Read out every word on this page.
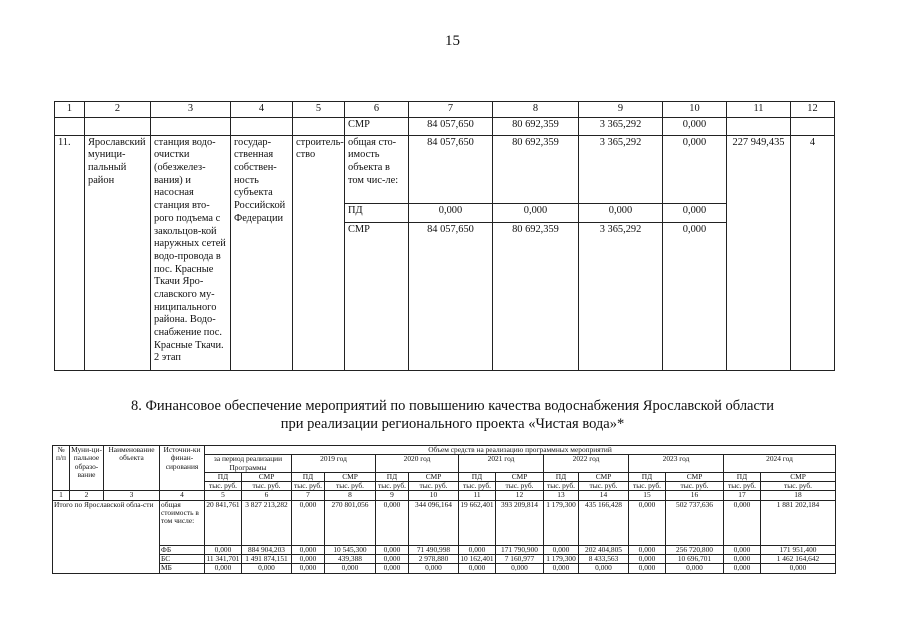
15
1	2	3	4	5	6	7	8	9	10	11	12
					СМР	84 057,650	80 692,359	3 365,292	0,000		
11.	Ярославский муници-пальный район	станция водо-очистки (обезжелез-вания) и насосная станция вто-рого подъема с закольцов-кой наружных сетей водо-провода в пос. Красные Ткачи Яро-славского му-ниципального района. Водо-снабжение пос. Красные Ткачи. 2 этап	государ-ственная собствен-ность субъекта Российской Федерации	строитель-ство	общая сто-имость объекта в том чис-ле:	84 057,650	80 692,359	3 365,292	0,000	227 949,435	4
					ПД	0,000	0,000	0,000	0,000		
					СМР	84 057,650	80 692,359	3 365,292	0,000		
8. Финансовое обеспечение мероприятий по повышению качества водоснабжения Ярославской области
при реализации регионального проекта «Чистая вода»*
№ п/п	Муни-ци-пальное образо-вание	Наименование объекта	Источни-ки финан-сирования	Объем средств на реализацию программных мероприятий													
				за период реализации Программы		2019 год		2020 год		2021 год		2022 год		2023 год		2024 год	
				ПД	СМР	ПД	СМР	ПД	СМР	ПД	СМР	ПД	СМР	ПД	СМР	ПД	СМР
				тыс. руб.	тыс. руб.	тыс. руб.	тыс. руб.	тыс. руб.	тыс. руб.	тыс. руб.	тыс. руб.	тыс. руб.	тыс. руб.	тыс. руб.	тыс. руб.	тыс. руб.	тыс. руб.
1	2	3	4	5	6	7	8	9	10	11	12	13	14	15	16	17	18
Итого по Ярославской обла-сти			общая стоимость в том числе:	20 841,761	3 827 213,282	0,000	270 801,056	0,000	344 096,164	19 662,401	393 209,814	1 179,300	435 166,428	0,000	502 737,636	0,000	1 881 202,184
			ФБ	0,000	884 904,203	0,000	10 545,300	0,000	71 490,998	0,000	171 790,900	0,000	202 404,805	0,000	256 720,800	0,000	171 951,400
			БС	11 341,701	1 491 874,151	0,000	439,388	0,000	2 978,880	10 162,401	7 160,977	1 179,300	8 433,563	0,000	10 696,701	0,000	1 462 164,642
			МБ	0,000	0,000	0,000	0,000	0,000	0,000	0,000	0,000	0,000	0,000	0,000	0,000	0,000	0,000
